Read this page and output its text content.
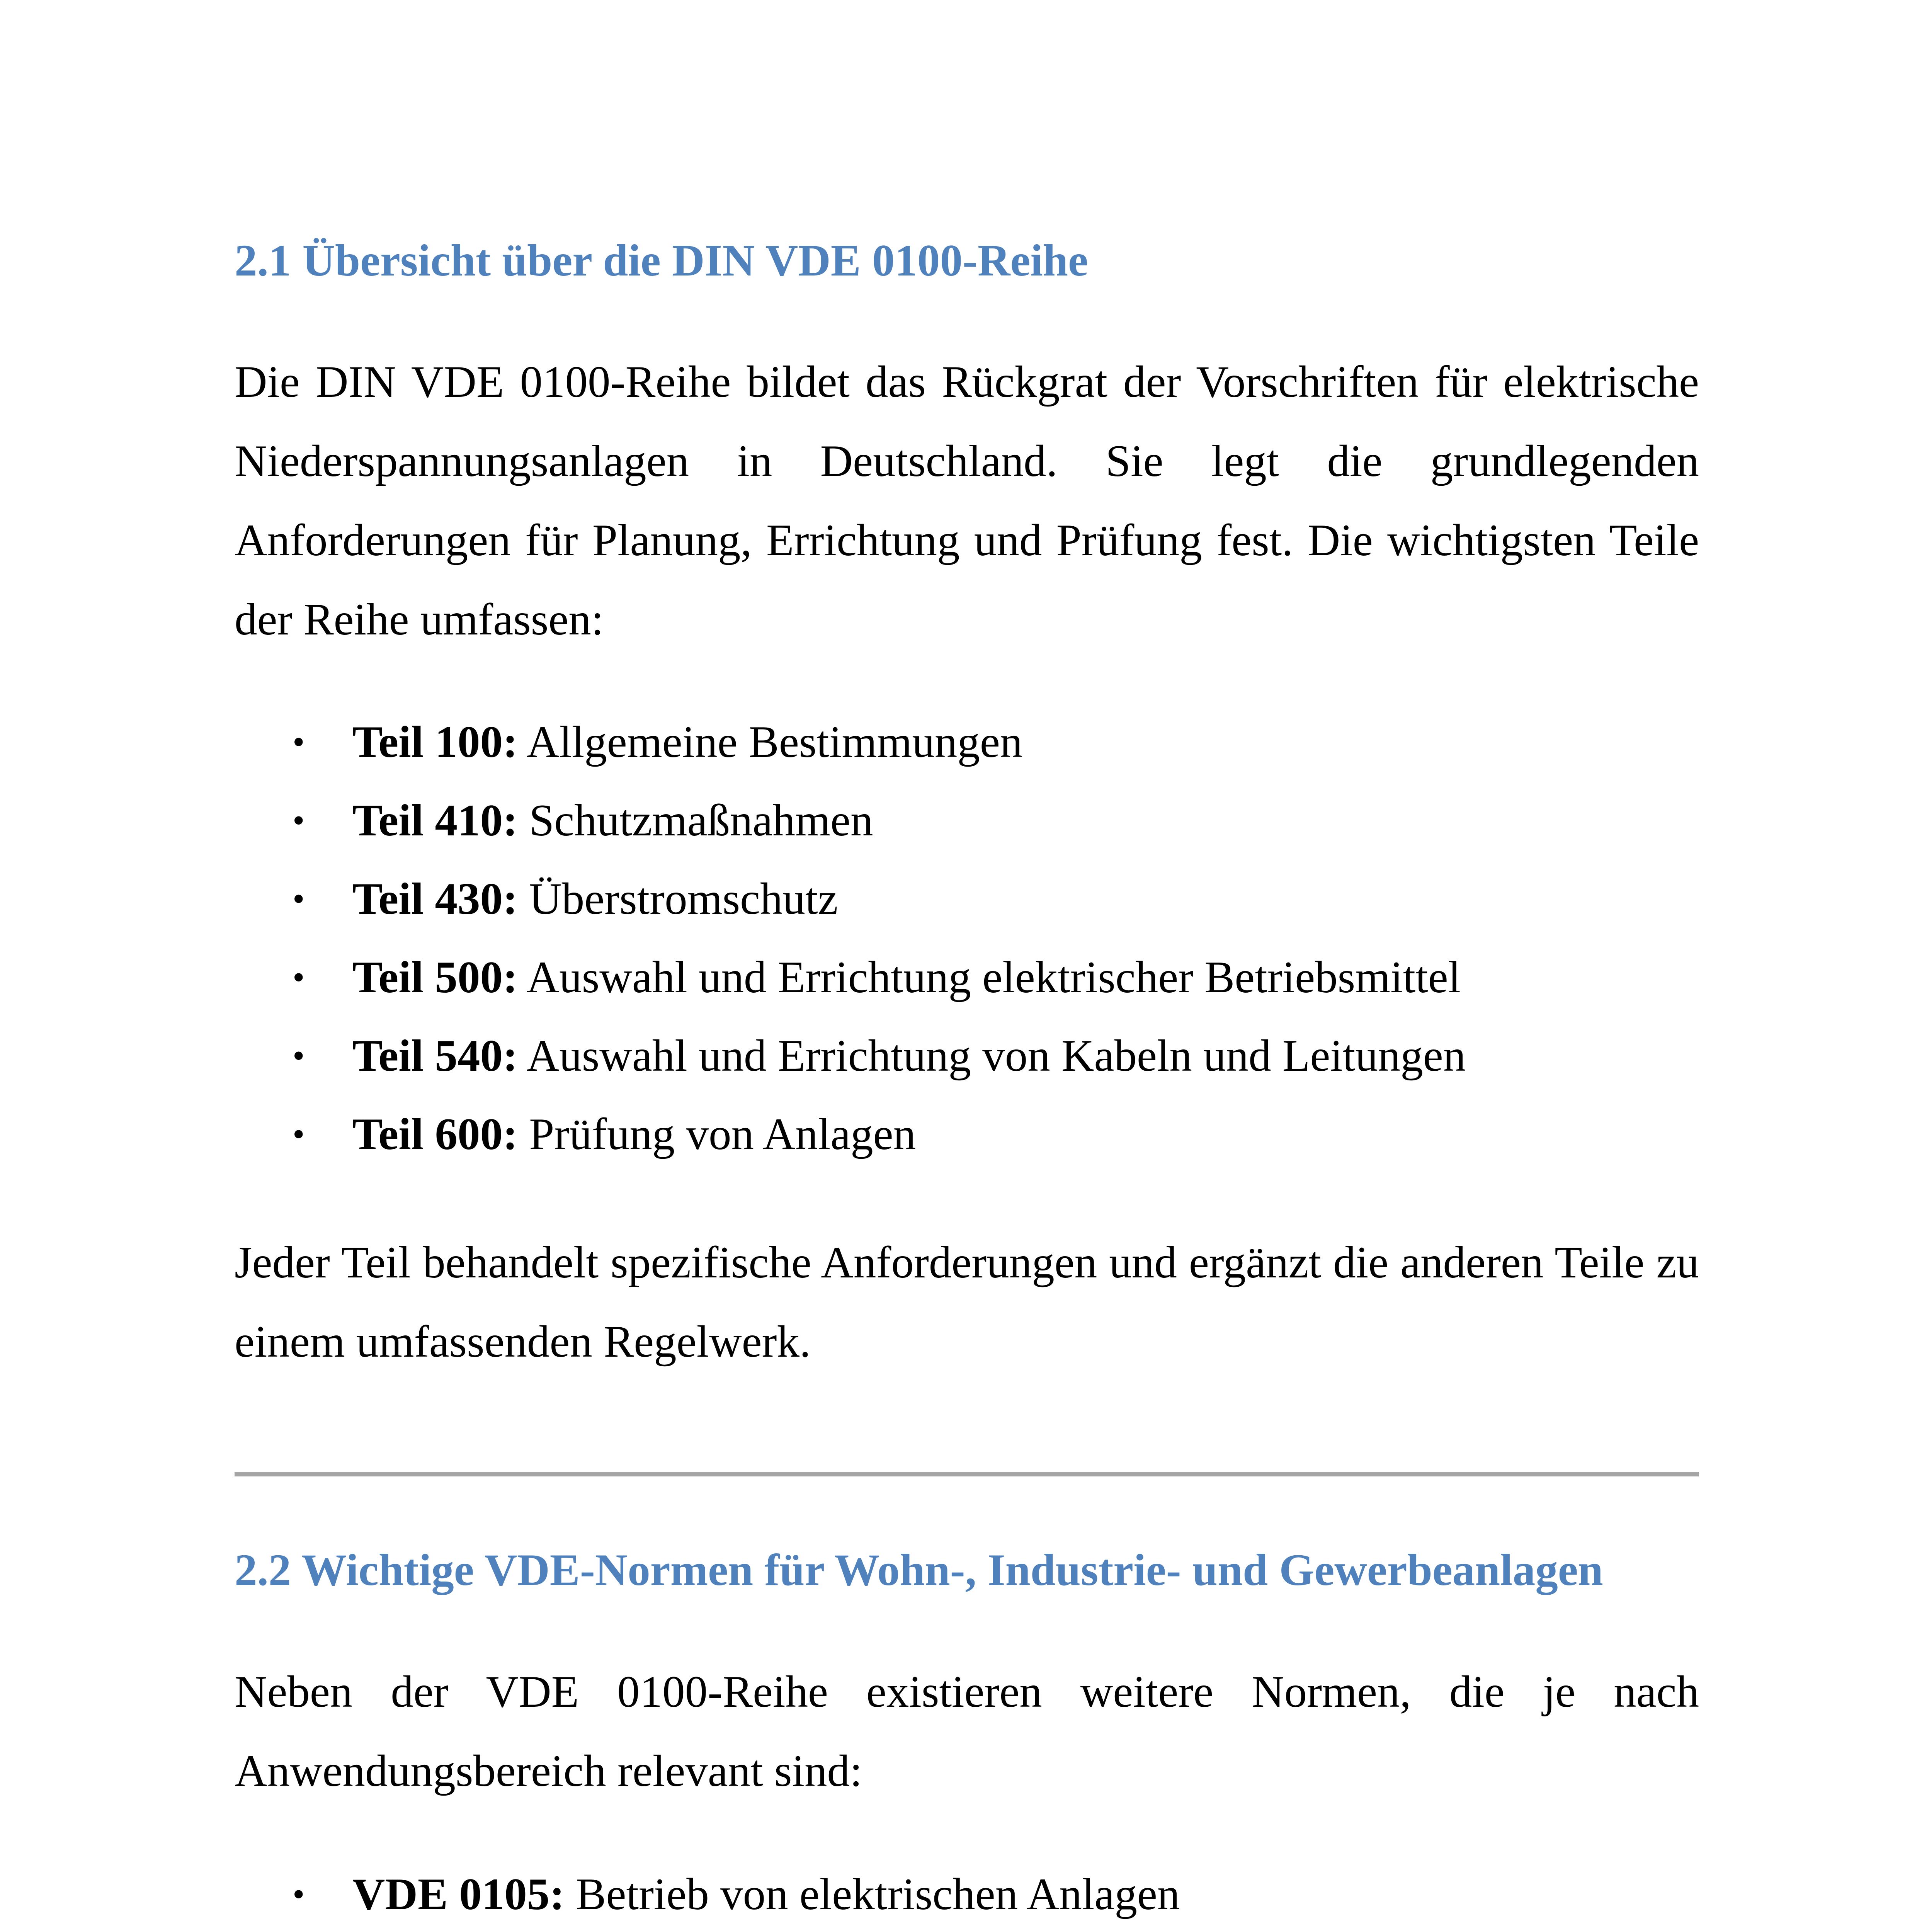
2.1 Übersicht über die DIN VDE 0100-Reihe

Die DIN VDE 0100-Reihe bildet das Rückgrat der Vorschriften für elektrische Niederspannungsanlagen in Deutschland. Sie legt die grundlegenden Anforderungen für Planung, Errichtung und Prüfung fest. Die wichtigsten Teile der Reihe umfassen:

• Teil 100: Allgemeine Bestimmungen
• Teil 410: Schutzmaßnahmen
• Teil 430: Überstromschutz
• Teil 500: Auswahl und Errichtung elektrischer Betriebsmittel
• Teil 540: Auswahl und Errichtung von Kabeln und Leitungen
• Teil 600: Prüfung von Anlagen

Jeder Teil behandelt spezifische Anforderungen und ergänzt die anderen Teile zu einem umfassenden Regelwerk.

2.2 Wichtige VDE-Normen für Wohn-, Industrie- und Gewerbeanlagen

Neben der VDE 0100-Reihe existieren weitere Normen, die je nach Anwendungsbereich relevant sind:

• VDE 0105: Betrieb von elektrischen Anlagen
